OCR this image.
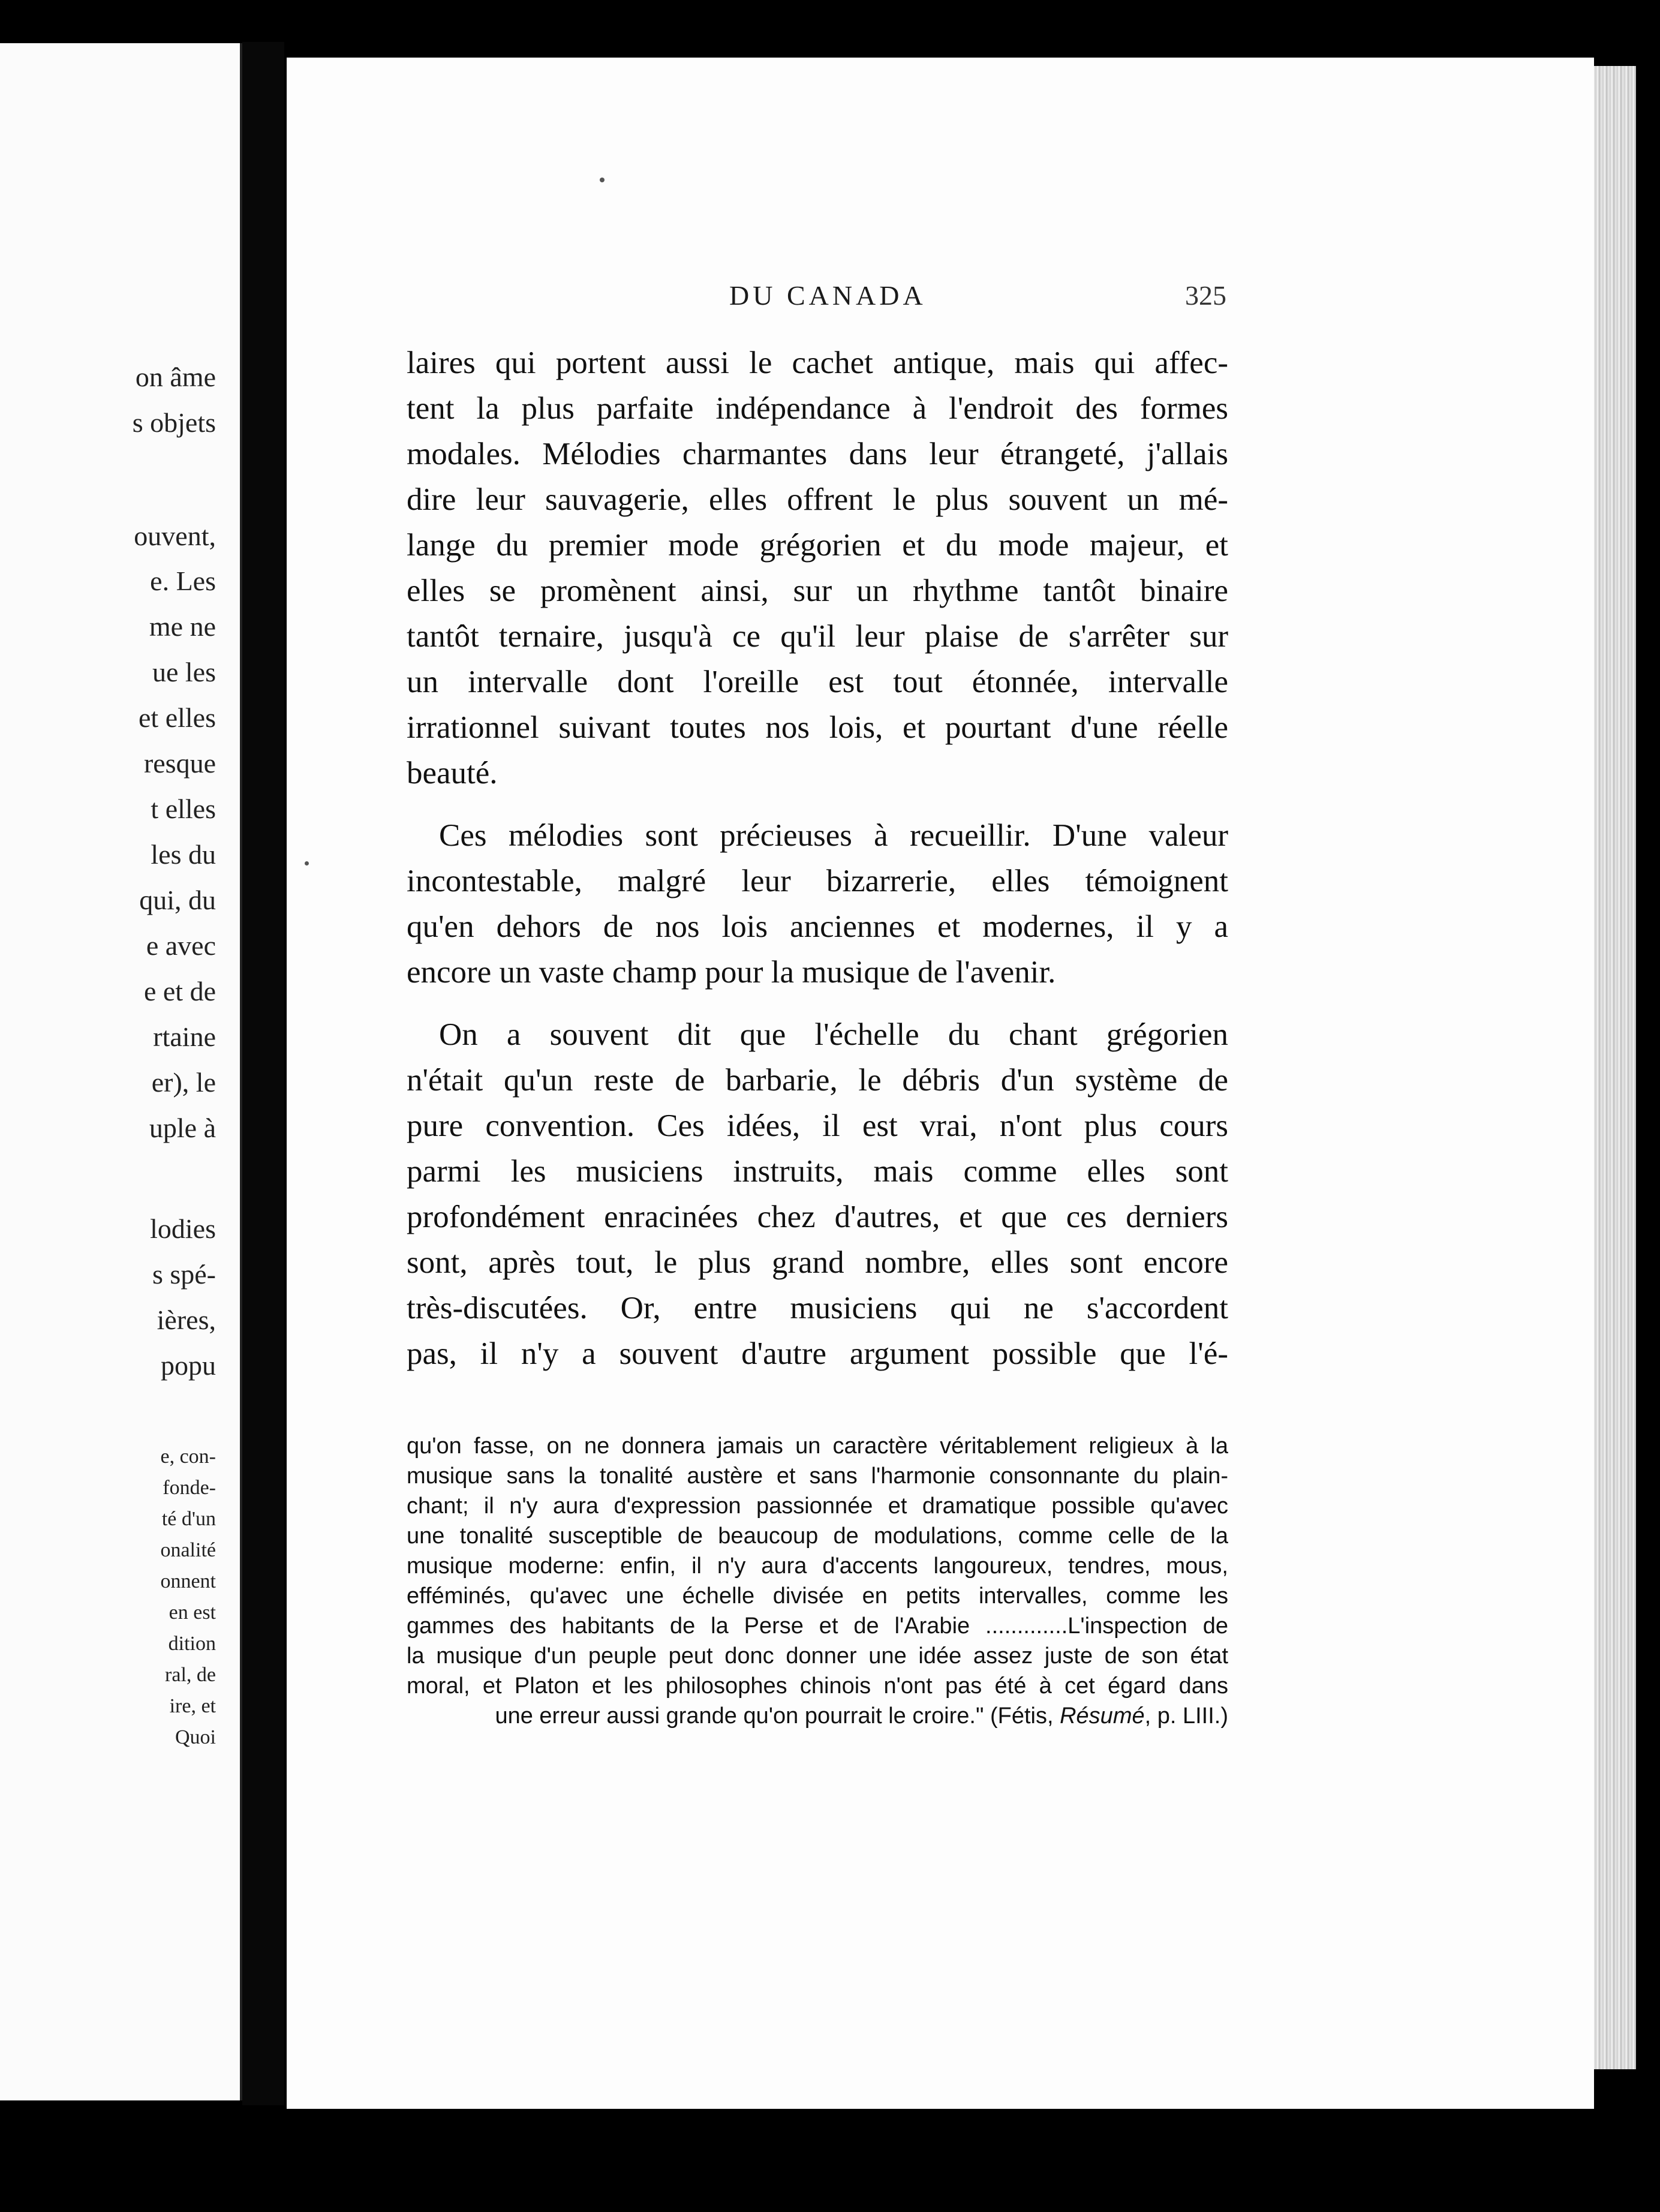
on âme
s objets
ouvent,
e. Les
me ne
ue les
et elles
resque
t elles
les du
qui, du
e avec
e et de
rtaine
er), le
uple à
lodies
s spé-
ières,
popu
e, con-
fonde-
té d'un
onalité
onnent
en est
dition
ral, de
ire, et
Quoi
DU CANADA	325
laires qui portent aussi le cachet antique, mais qui affec-
tent la plus parfaite indépendance à l'endroit des formes
modales. Mélodies charmantes dans leur étrangeté, j'allais
dire leur sauvagerie, elles offrent le plus souvent un mé-
lange du premier mode grégorien et du mode majeur, et
elles se promènent ainsi, sur un rhythme tantôt binaire
tantôt ternaire, jusqu'à ce qu'il leur plaise de s'arrêter sur
un intervalle dont l'oreille est tout étonnée, intervalle
irrationnel suivant toutes nos lois, et pourtant d'une réelle
beauté.
Ces mélodies sont précieuses à recueillir. D'une valeur
incontestable, malgré leur bizarrerie, elles témoignent
qu'en dehors de nos lois anciennes et modernes, il y a
encore un vaste champ pour la musique de l'avenir.
On a souvent dit que l'échelle du chant grégorien
n'était qu'un reste de barbarie, le débris d'un système de
pure convention. Ces idées, il est vrai, n'ont plus cours
parmi les musiciens instruits, mais comme elles sont
profondément enracinées chez d'autres, et que ces derniers
sont, après tout, le plus grand nombre, elles sont encore
très-discutées. Or, entre musiciens qui ne s'accordent
pas, il n'y a souvent d'autre argument possible que l'é-
qu'on fasse, on ne donnera jamais un caractère véritablement religieux à la
musique sans la tonalité austère et sans l'harmonie consonnante du plain-
chant; il n'y aura d'expression passionnée et dramatique possible qu'avec
une tonalité susceptible de beaucoup de modulations, comme celle de la
musique moderne: enfin, il n'y aura d'accents langoureux, tendres, mous,
efféminés, qu'avec une échelle divisée en petits intervalles, comme les
gammes des habitants de la Perse et de l'Arabie .............L'inspection de
la musique d'un peuple peut donc donner une idée assez juste de son état
moral, et Platon et les philosophes chinois n'ont pas été à cet égard dans
une erreur aussi grande qu'on pourrait le croire." (Fétis, Résumé, p. LIII.)
